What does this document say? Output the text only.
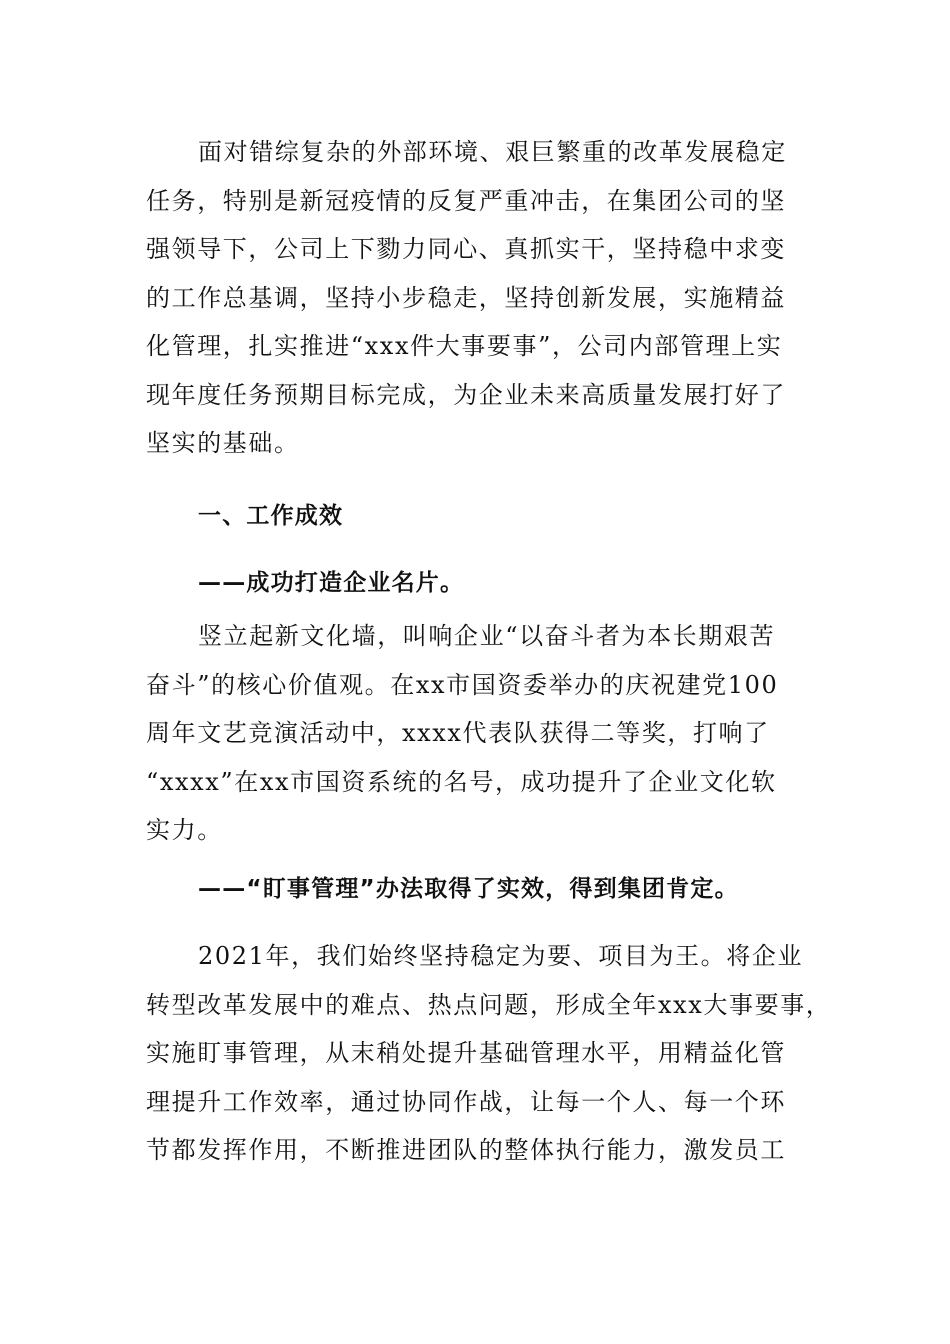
面对错综复杂的外部环境、艰巨繁重的改革发展稳定
任务，特别是新冠疫情的反复严重冲击，在集团公司的坚
强领导下，公司上下勠力同心、真抓实干，坚持稳中求变
的工作总基调，坚持小步稳走，坚持创新发展，实施精益
化管理，扎实推进“xxx件大事要事”，公司内部管理上实
现年度任务预期目标完成，为企业未来高质量发展打好了
坚实的基础。
一、工作成效
——成功打造企业名片。
竖立起新文化墙，叫响企业“以奋斗者为本长期艰苦
奋斗”的核心价值观。在xx市国资委举办的庆祝建党100
周年文艺竞演活动中，xxxx代表队获得二等奖，打响了
“xxxx”在xx市国资系统的名号，成功提升了企业文化软
实力。
——“盯事管理”办法取得了实效，得到集团肯定。
2021年，我们始终坚持稳定为要、项目为王。将企业
转型改革发展中的难点、热点问题，形成全年xxx大事要事，
实施盯事管理，从末稍处提升基础管理水平，用精益化管
理提升工作效率，通过协同作战，让每一个人、每一个环
节都发挥作用，不断推进团队的整体执行能力，激发员工
